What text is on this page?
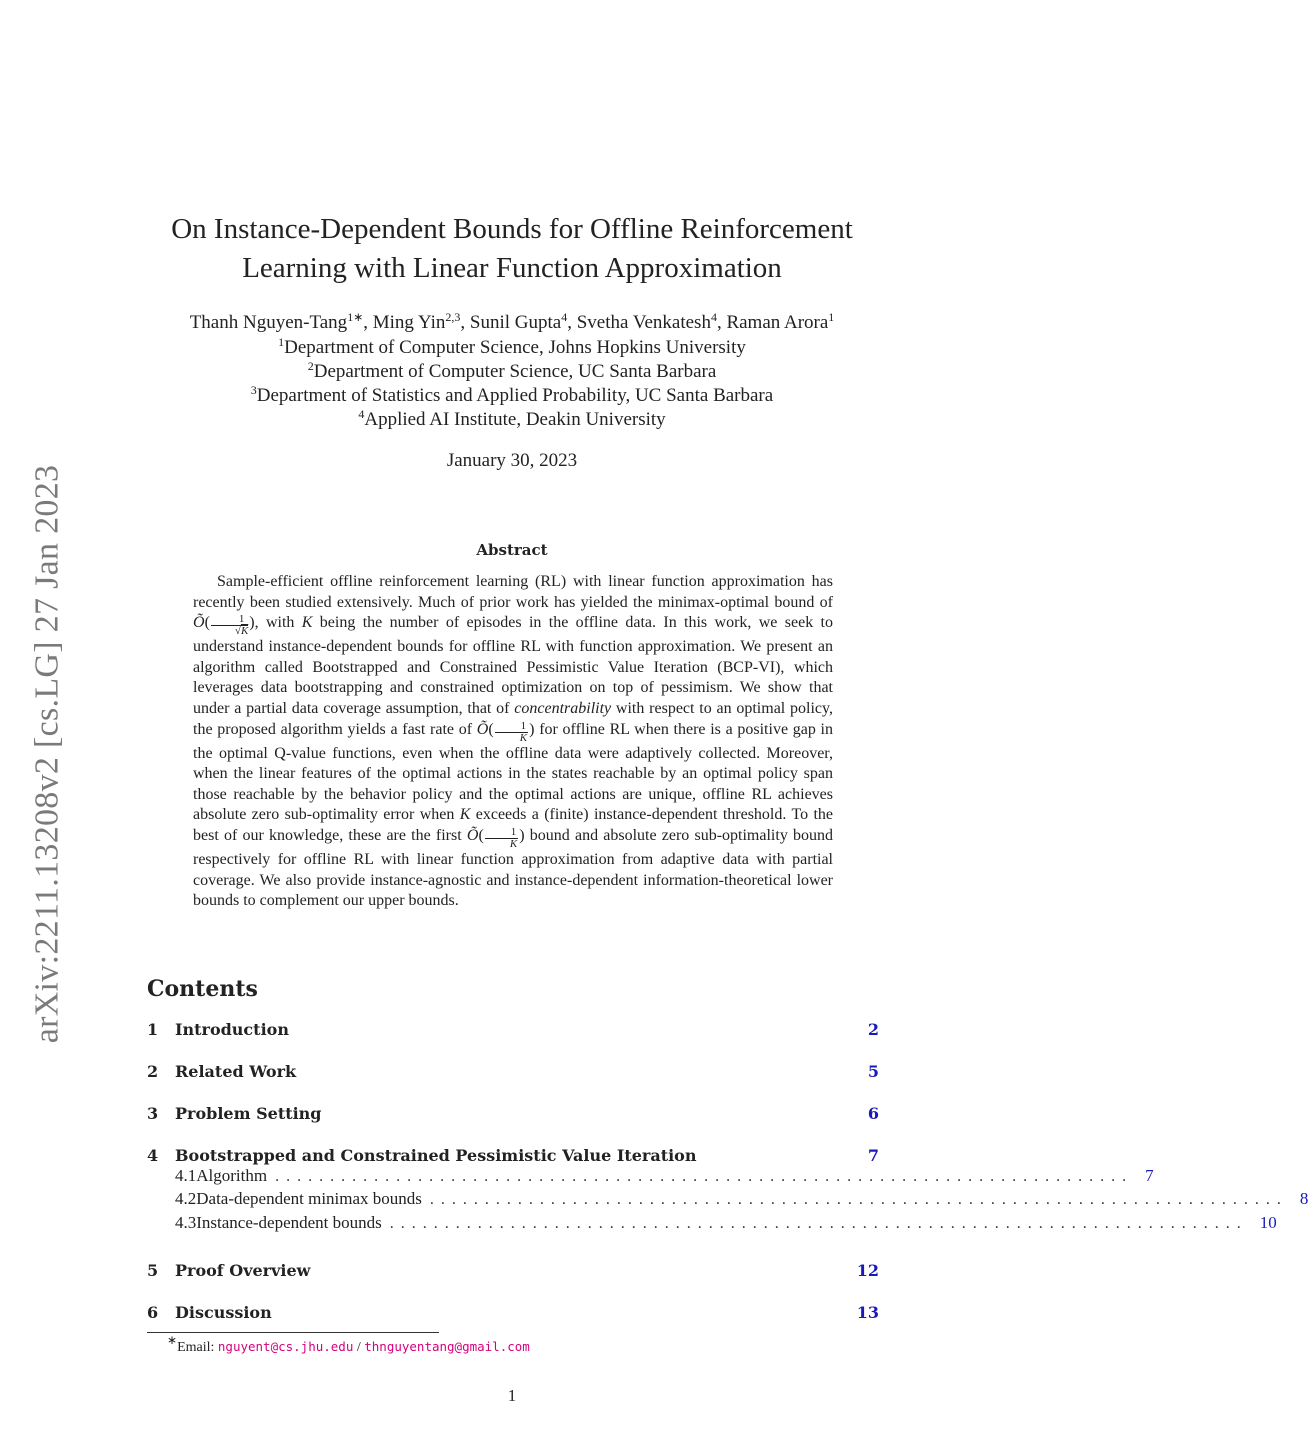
arXiv:2211.13208v2 [cs.LG] 27 Jan 2023
On Instance-Dependent Bounds for Offline Reinforcement
Learning with Linear Function Approximation
Thanh Nguyen-Tang$^{1∗}$, Ming Yin$^{2,3}$, Sunil Gupta$^4$, Svetha Venkatesh$^4$, Raman Arora$^1$
$^1$Department of Computer Science, Johns Hopkins University
$^2$Department of Computer Science, UC Santa Barbara
$^3$Department of Statistics and Applied Probability, UC Santa Barbara
$^4$Applied AI Institute, Deakin University
January 30, 2023
Abstract

Sample-efficient offline reinforcement learning (RL) with linear function approximation has recently been studied extensively. Much of prior work has yielded the minimax-optimal bound of Õ( $\frac{1}{√K}$ ), with K being the number of episodes in the offline data. In this work, we seek to understand instance-dependent bounds for offline RL with function approximation. We present an algorithm called Bootstrapped and Constrained Pessimistic Value Iteration (BCP-VI), which leverages data bootstrapping and constrained optimization on top of pessimism. We show that under a partial data coverage assumption, that of concentrability with respect to an optimal policy, the proposed algorithm yields a fast rate of Õ( $\frac{1}{K}$ ) for offline RL when there is a positive gap in the optimal Q-value functions, even when the offline data were adaptively collected. Moreover, when the linear features of the optimal actions in the states reachable by an optimal policy span those reachable by the behavior policy and the optimal actions are unique, offline RL achieves absolute zero sub-optimality error when K exceeds a (finite) instance-dependent threshold. To the best of our knowledge, these are the first Õ( $\frac{1}{K}$ ) bound and absolute zero sub-optimality bound respectively for offline RL with linear function approximation from adaptive data with partial coverage. We also provide instance-agnostic and instance-dependent information-theoretical lower bounds to complement our upper bounds.

Contents
1	Introduction	2
2	Related Work	5
3	Problem Setting	6
4	Bootstrapped and Constrained Pessimistic Value Iteration	7
4.1 Algorithm .............................................................................. 7
4.2 Data-dependent minimax bounds .............................................................................. 8
4.3 Instance-dependent bounds .............................................................................. 10
5	Proof Overview	12
6	Discussion	13
∗Email: nguyent@cs.jhu.edu / thnguyentang@gmail.com
1
